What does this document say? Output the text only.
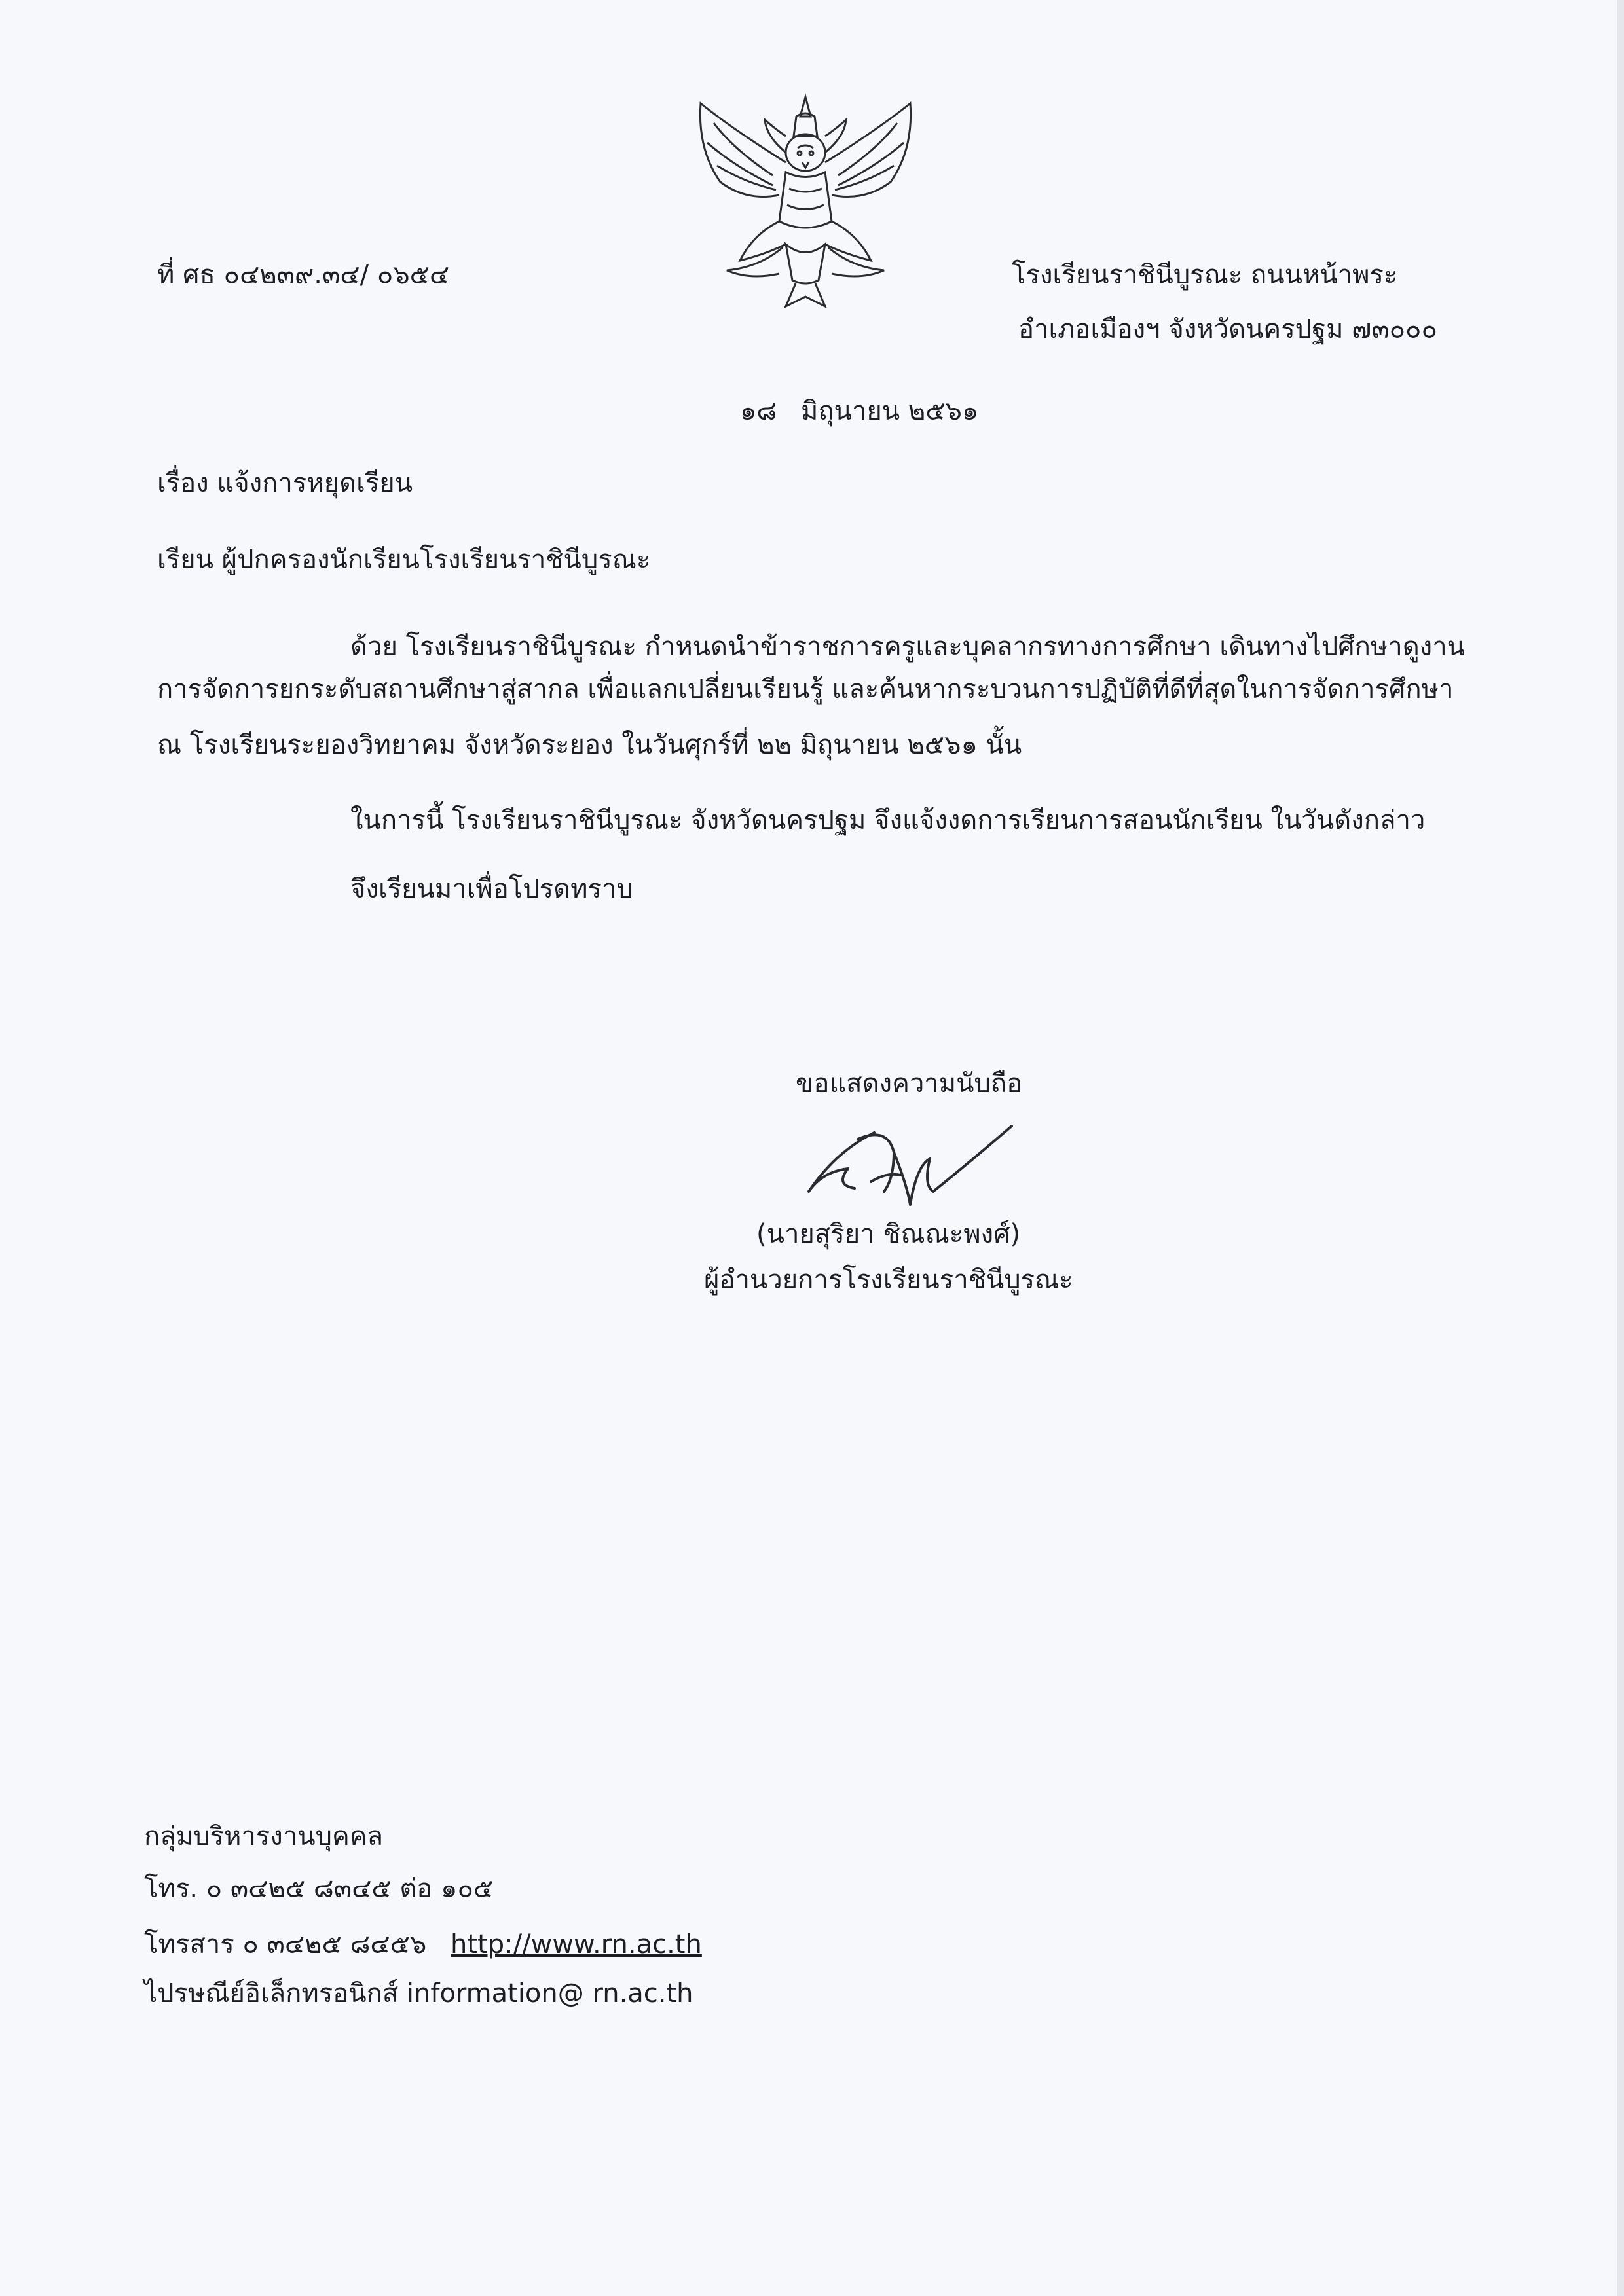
ที่ ศธ ๐๔๒๓๙.๓๔/ ๐๖๕๔	โรงเรียนราชินีบูรณะ ถนนหน้าพระ
อำเภอเมืองฯ จังหวัดนครปฐม ๗๓๐๐๐
๑๘ มิถุนายน ๒๕๖๑
เรื่อง แจ้งการหยุดเรียน
เรียน ผู้ปกครองนักเรียนโรงเรียนราชินีบูรณะ
ด้วย โรงเรียนราชินีบูรณะ กำหนดนำข้าราชการครูและบุคลากรทางการศึกษา เดินทางไปศึกษาดูงาน
การจัดการยกระดับสถานศึกษาสู่สากล เพื่อแลกเปลี่ยนเรียนรู้ และค้นหากระบวนการปฏิบัติที่ดีที่สุดในการจัดการศึกษา
ณ โรงเรียนระยองวิทยาคม จังหวัดระยอง ในวันศุกร์ที่ ๒๒ มิถุนายน ๒๕๖๑ นั้น
ในการนี้ โรงเรียนราชินีบูรณะ จังหวัดนครปฐม จึงแจ้งงดการเรียนการสอนนักเรียน ในวันดังกล่าว
จึงเรียนมาเพื่อโปรดทราบ
ขอแสดงความนับถือ
(นายสุริยา ชิณณะพงศ์)
ผู้อำนวยการโรงเรียนราชินีบูรณะ
กลุ่มบริหารงานบุคคล
โทร. ๐ ๓๔๒๕ ๘๓๔๕ ต่อ ๑๐๕
โทรสาร ๐ ๓๔๒๕ ๘๔๕๖ http://www.rn.ac.th
ไปรษณีย์อิเล็กทรอนิกส์ information@ rn.ac.th
